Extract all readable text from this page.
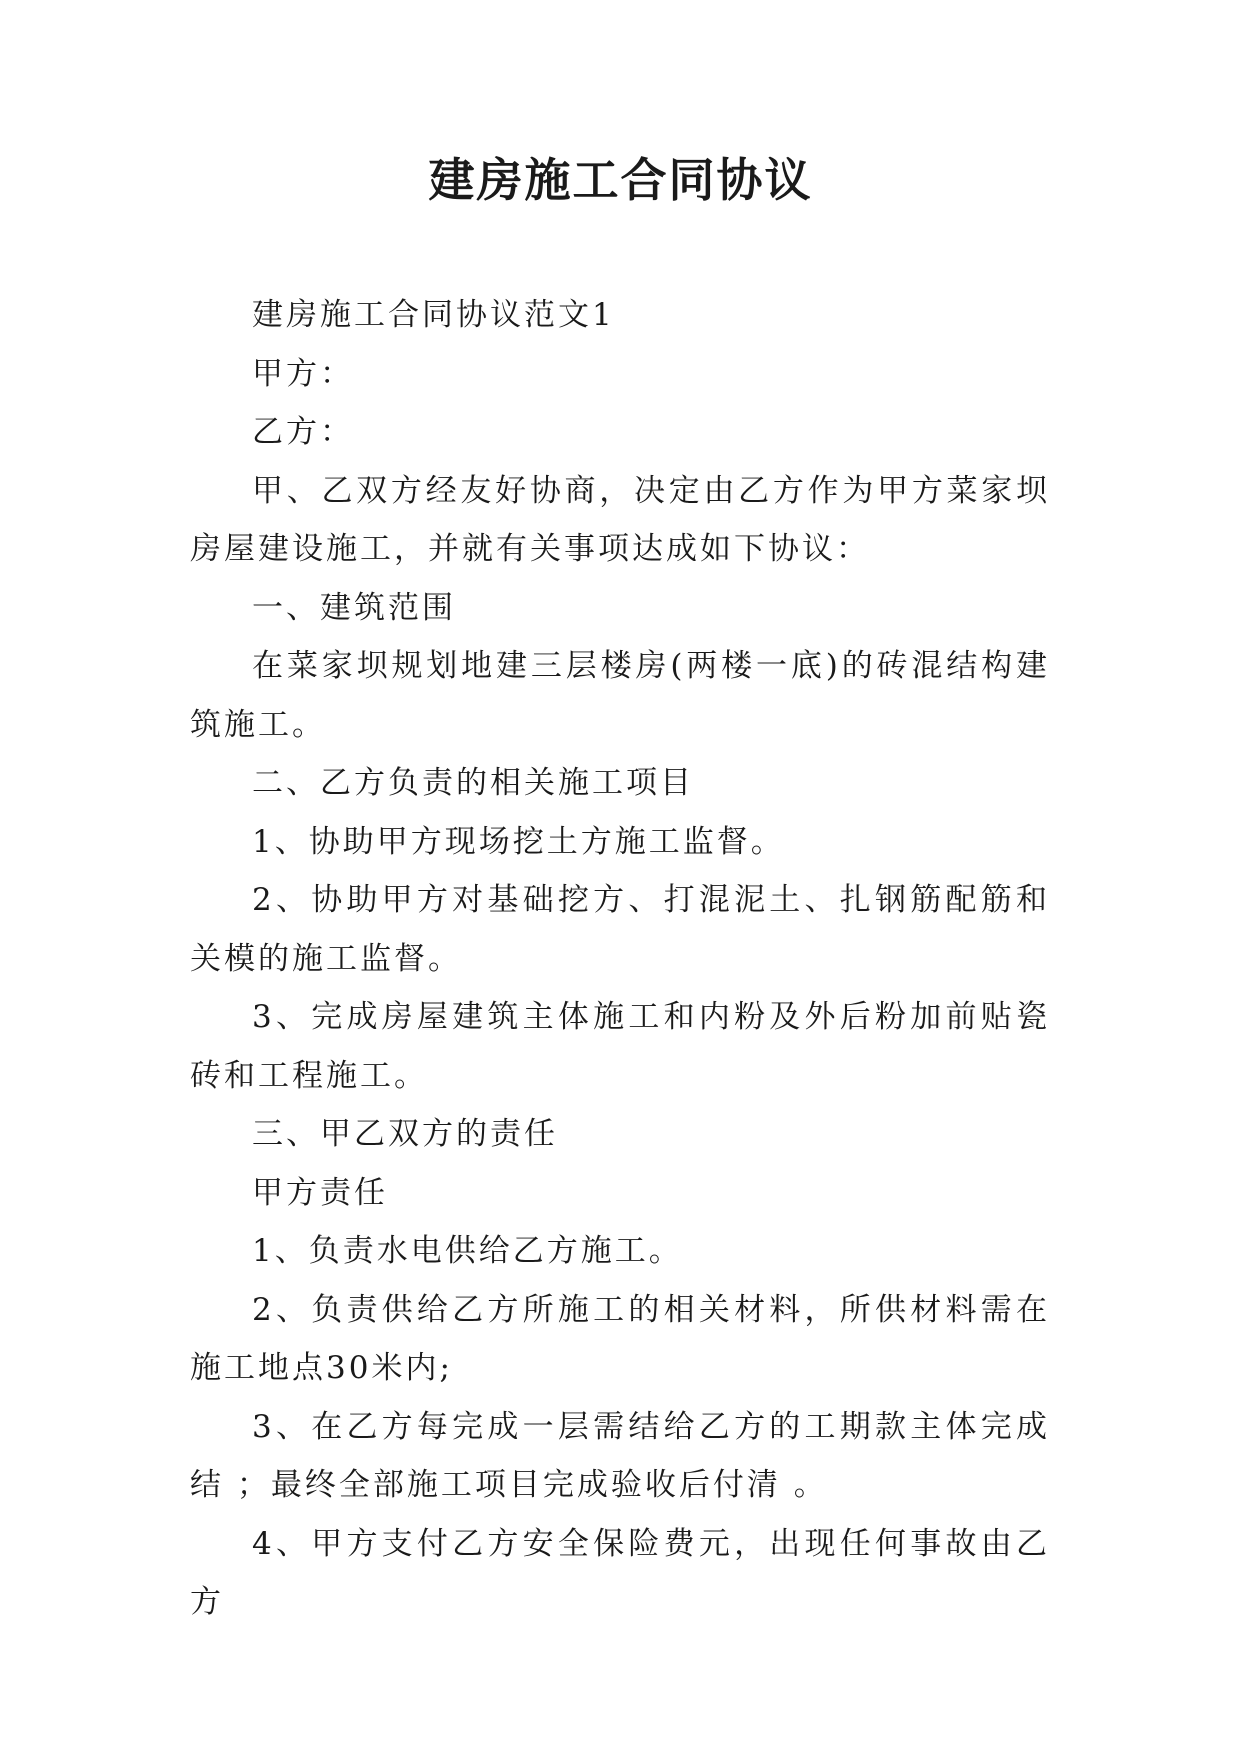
建房施工合同协议

建房施工合同协议范文1

甲方：

乙方：

甲、乙双方经友好协商，决定由乙方作为甲方菜家坝房屋建设施工，并就有关事项达成如下协议：

一、建筑范围

在菜家坝规划地建三层楼房(两楼一底)的砖混结构建筑施工。

二、乙方负责的相关施工项目

1、协助甲方现场挖土方施工监督。

2、协助甲方对基础挖方、打混泥土、扎钢筋配筋和关模的施工监督。

3、完成房屋建筑主体施工和内粉及外后粉加前贴瓷砖和工程施工。

三、甲乙双方的责任

甲方责任

1、负责水电供给乙方施工。

2、负责供给乙方所施工的相关材料，所供材料需在施工地点30米内;

3、在乙方每完成一层需结给乙方的工期款主体完成结 ；最终全部施工项目完成验收后付清 。

4、甲方支付乙方安全保险费元，出现任何事故由乙方
